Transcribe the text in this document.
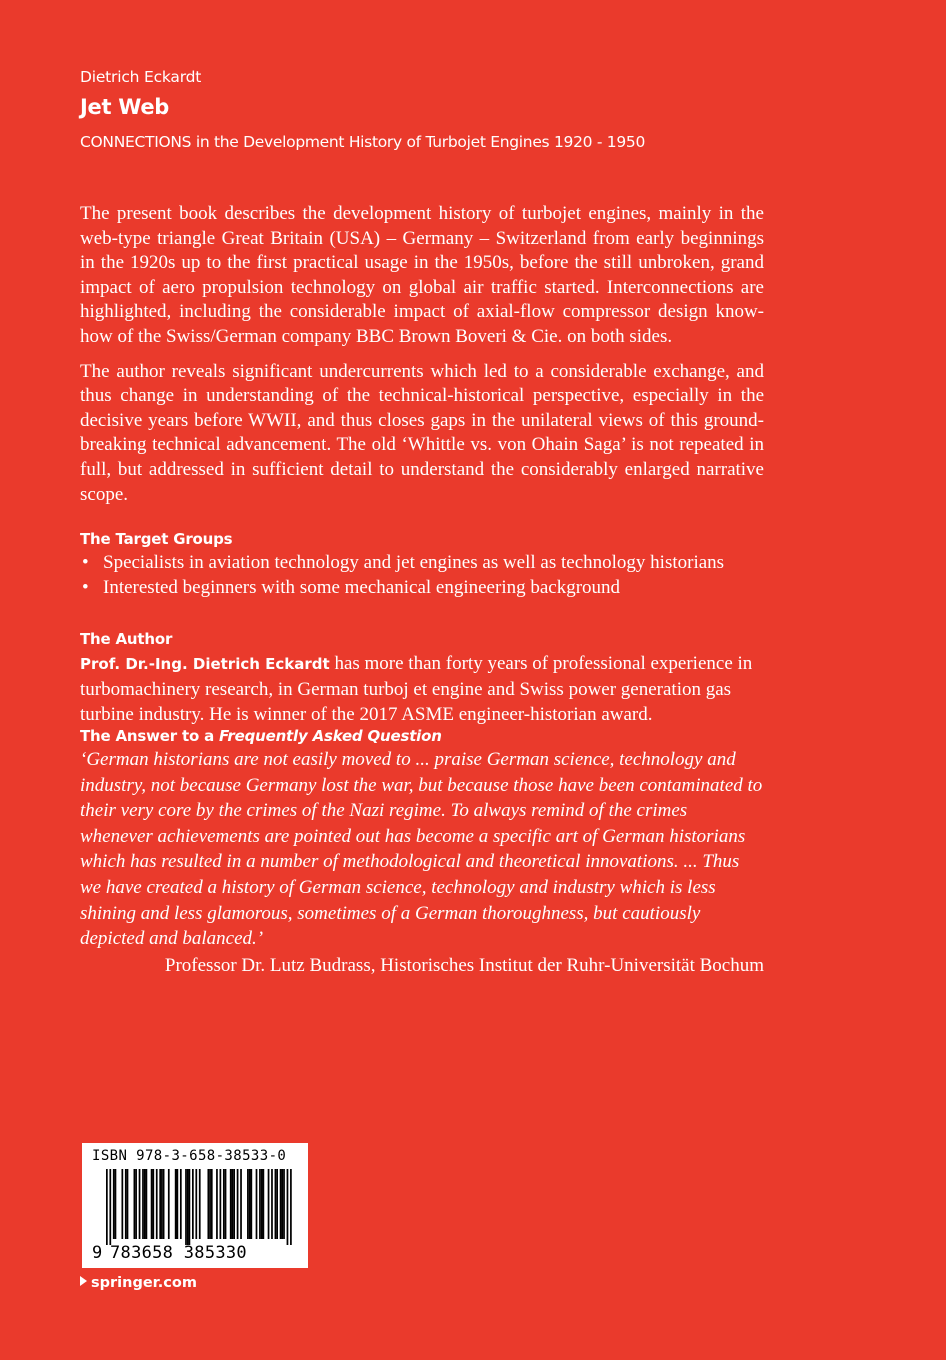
Dietrich Eckardt
Jet Web
CONNECTIONS in the Development History of Turbojet Engines 1920 - 1950

The present book describes the development history of turbojet engines, mainly in the web-type triangle Great Britain (USA) – Germany – Switzerland from early beginnings in the 1920s up to the first practical usage in the 1950s, before the still unbroken, grand impact of aero propulsion technology on global air traffic started. Interconnections are highlighted, including the considerable impact of axial-flow compressor design know-how of the Swiss/German company BBC Brown Boveri & Cie. on both sides.

The author reveals significant undercurrents which led to a considerable exchange, and thus change in understanding of the technical-historical perspective, especially in the decisive years before WWII, and thus closes gaps in the unilateral views of this ground-breaking technical advancement. The old ‘Whittle vs. von Ohain Saga’ is not repeated in full, but addressed in sufficient detail to understand the considerably enlarged narrative scope.

The Target Groups
• Specialists in aviation technology and jet engines as well as technology historians
• Interested beginners with some mechanical engineering background
The Author

Prof. Dr.-Ing. Dietrich Eckardt has more than forty years of professional experience in turbomachinery research, in German turboj et engine and Swiss power generation gas turbine industry. He is winner of the 2017 ASME engineer-historian award.

The Answer to a Frequently Asked Question

‘German historians are not easily moved to ... praise German science, technology and industry, not because Germany lost the war, but because those have been contaminated to their very core by the crimes of the Nazi regime. To always remind of the crimes whenever achievements are pointed out has become a specific art of German historians which has resulted in a number of methodological and theoretical innovations. ... Thus we have created a history of German science, technology and industry which is less shining and less glamorous, sometimes of a German thoroughness, but cautiously depicted and balanced.’

Professor Dr. Lutz Budrass, Historisches Institut der Ruhr-Universität Bochum

ISBN 978-3-658-38533-0
9 783658 385330
springer.com
